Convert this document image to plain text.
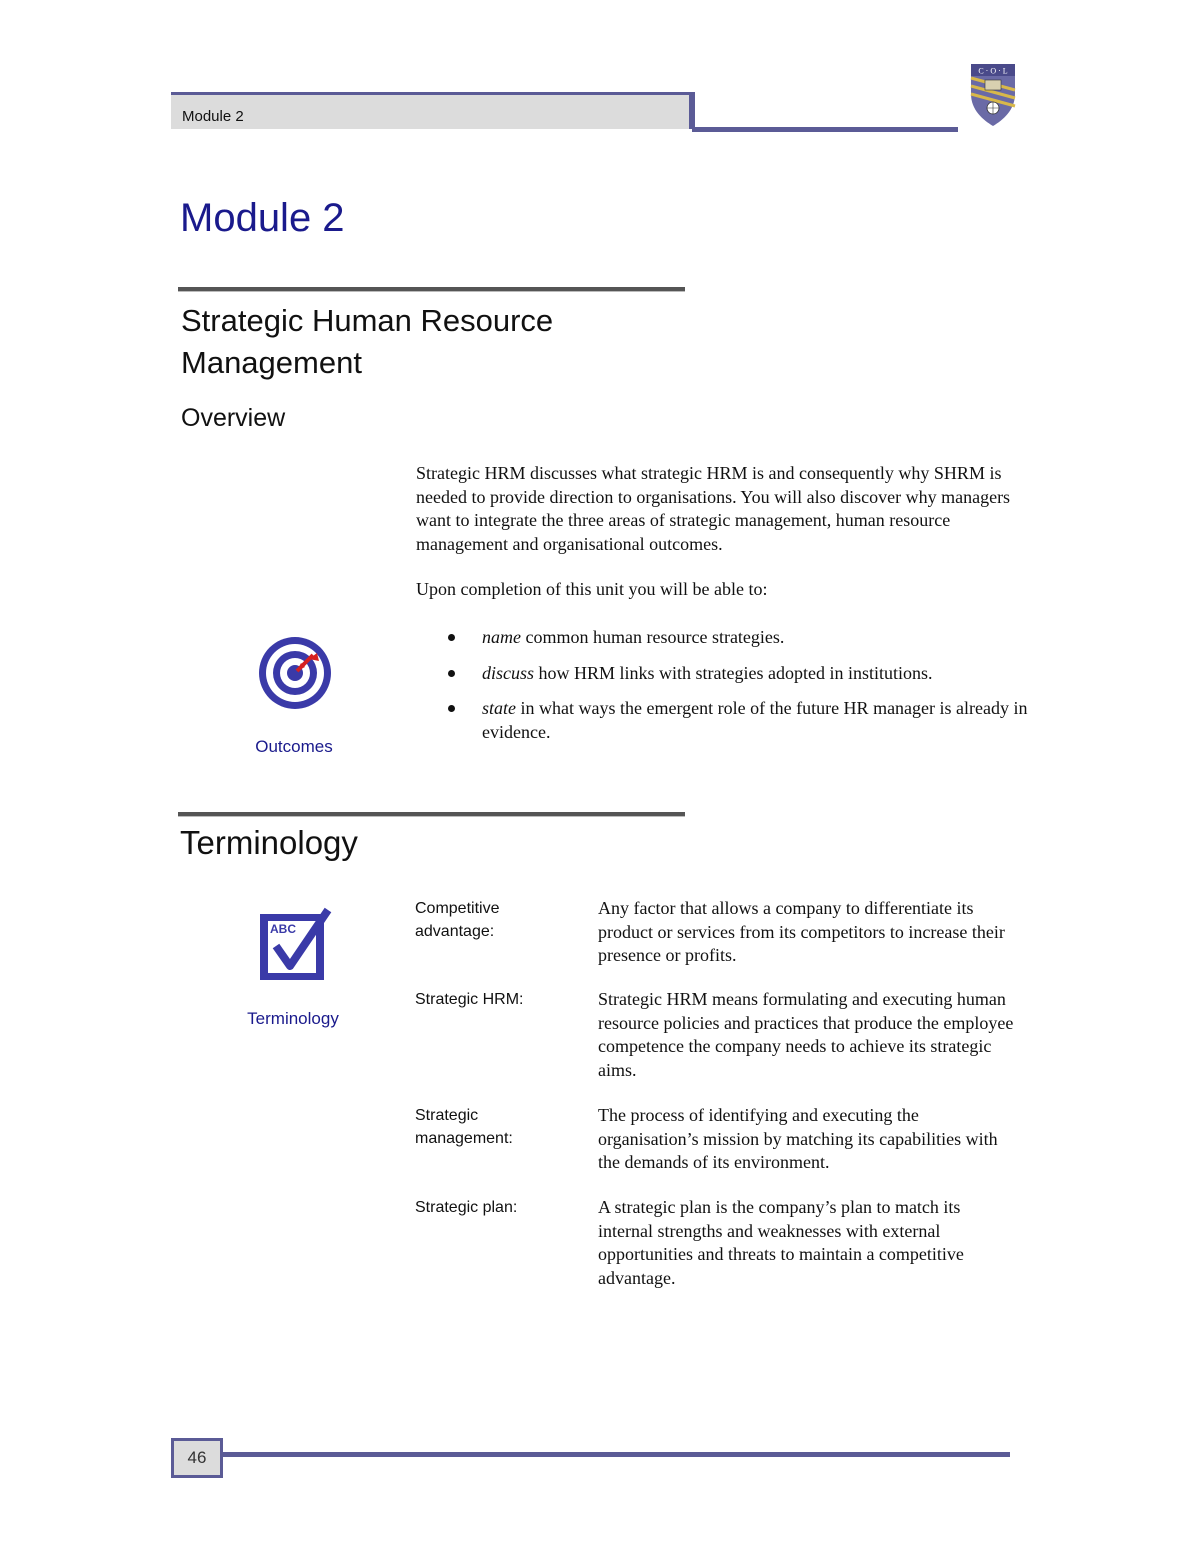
Module 2
C · O · L
Module 2
Strategic Human Resource Management
Overview
Strategic HRM discusses what strategic HRM is and consequently why SHRM is needed to provide direction to organisations. You will also discover why managers want to integrate the three areas of strategic management, human resource management and organisational outcomes.
Upon completion of this unit you will be able to:
name common human resource strategies.
discuss how HRM links with strategies adopted in institutions.
state in what ways the emergent role of the future HR manager is already in evidence.
Outcomes
Terminology
ABC
Terminology
Competitive advantage:
Any factor that allows a company to differentiate its product or services from its competitors to increase their presence or profits.
Strategic HRM:	Strategic HRM means formulating and executing human resource policies and practices that produce the employee competence the company needs to achieve its strategic aims.
Strategic management:
The process of identifying and executing the organisation’s mission by matching its capabilities with the demands of its environment.
Strategic plan:	A strategic plan is the company’s plan to match its internal strengths and weaknesses with external opportunities and threats to maintain a competitive advantage.
46
